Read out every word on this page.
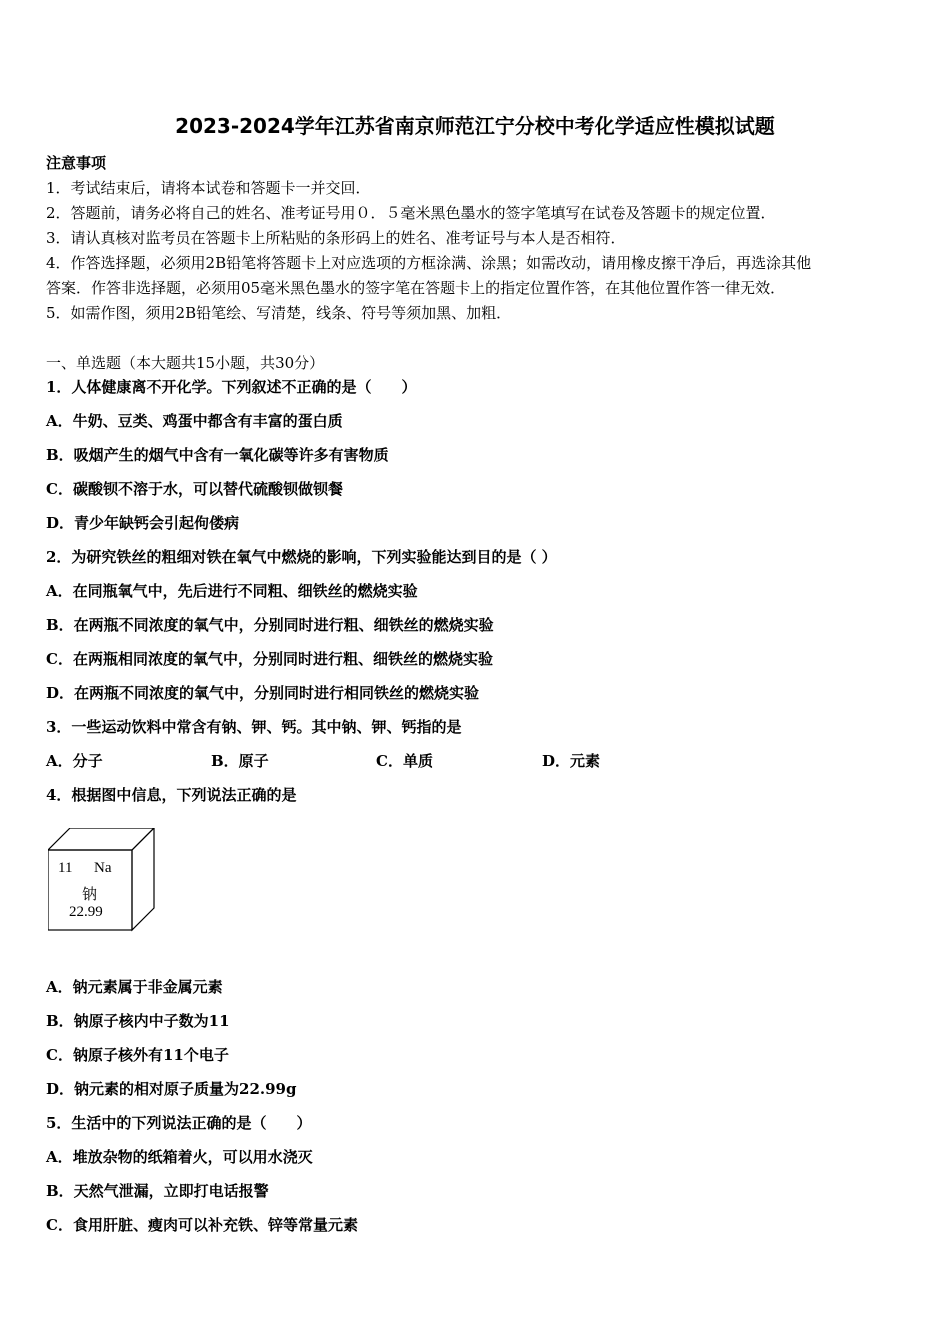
2023-2024学年江苏省南京师范江宁分校中考化学适应性模拟试题
注意事项
1．考试结束后，请将本试卷和答题卡一并交回．
2．答题前，请务必将自己的姓名、准考证号用０．５毫米黑色墨水的签字笔填写在试卷及答题卡的规定位置．
3．请认真核对监考员在答题卡上所粘贴的条形码上的姓名、准考证号与本人是否相符．
4．作答选择题，必须用2B铅笔将答题卡上对应选项的方框涂满、涂黑；如需改动，请用橡皮擦干净后，再选涂其他
答案．作答非选择题，必须用05毫米黑色墨水的签字笔在答题卡上的指定位置作答，在其他位置作答一律无效．
5．如需作图，须用2B铅笔绘、写清楚，线条、符号等须加黑、加粗．
一、单选题（本大题共15小题，共30分）
1．人体健康离不开化学。下列叙述不正确的是（　　）
A．牛奶、豆类、鸡蛋中都含有丰富的蛋白质
B．吸烟产生的烟气中含有一氧化碳等许多有害物质
C．碳酸钡不溶于水，可以替代硫酸钡做钡餐
D．青少年缺钙会引起佝偻病
2．为研究铁丝的粗细对铁在氧气中燃烧的影响，下列实验能达到目的是（ ）
A．在同瓶氧气中，先后进行不同粗、细铁丝的燃烧实验
B．在两瓶不同浓度的氧气中，分别同时进行粗、细铁丝的燃烧实验
C．在两瓶相同浓度的氧气中，分别同时进行粗、细铁丝的燃烧实验
D．在两瓶不同浓度的氧气中，分别同时进行相同铁丝的燃烧实验
3．一些运动饮料中常含有钠、钾、钙。其中钠、钾、钙指的是
A．分子	B．原子	C．单质	D．元素
4．根据图中信息，下列说法正确的是
11 Na
钠
22.99
A．钠元素属于非金属元素
B．钠原子核内中子数为11
C．钠原子核外有11个电子
D．钠元素的相对原子质量为22.99g
5．生活中的下列说法正确的是（　　）
A．堆放杂物的纸箱着火，可以用水浇灭
B．天然气泄漏，立即打电话报警
C．食用肝脏、瘦肉可以补充铁、锌等常量元素
